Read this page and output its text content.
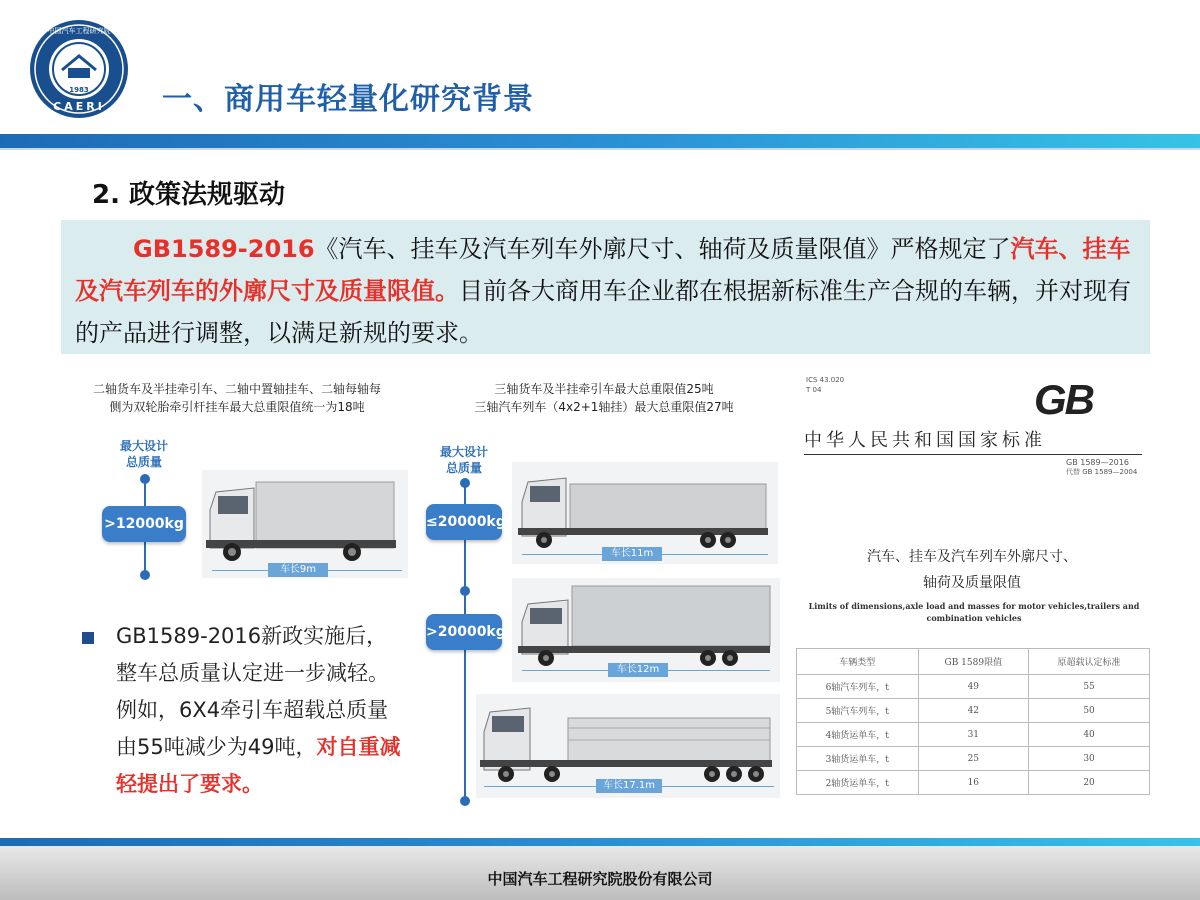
1983
CAERI
中国汽车工程研究院
一、商用车轻量化研究背景
2. 政策法规驱动
GB1589-2016《汽车、挂车及汽车列车外廓尺寸、轴荷及质量限值》严格规定了汽车、挂车及汽车列车的外廓尺寸及质量限值。目前各大商用车企业都在根据新标准生产合规的车辆，并对现有的产品进行调整，以满足新规的要求。
二轴货车及半挂牵引车、二轴中置轴挂车、二轴每轴每
侧为双轮胎牵引杆挂车最大总重限值统一为18吨
最大设计
总质量
>12000kg
车长9m
三轴货车及半挂牵引车最大总重限值25吨
三轴汽车列车（4x2+1轴挂）最大总重限值27吨
最大设计
总质量
≤20000kg
>20000kg
车长11m
车长12m
车长17.1m
ICS 43.020
T 04	GB
中华人民共和国国家标准
GB 1589—2016
代替 GB 1589—2004
汽车、挂车及汽车列车外廓尺寸、
轴荷及质量限值
Limits of dimensions,axle load and masses for motor vehicles,trailers and
combination vehicles
车辆类型	GB 1589限值	原超载认定标准
6轴汽车列车，t	49	55
5轴汽车列车，t	42	50
4轴货运单车，t	31	40
3轴货运单车，t	25	30
2轴货运单车，t	16	20
GB1589-2016新政实施后，整车总质量认定进一步减轻。例如，6X4牵引车超载总质量由55吨减少为49吨，对自重减轻提出了要求。
中国汽车工程研究院股份有限公司
